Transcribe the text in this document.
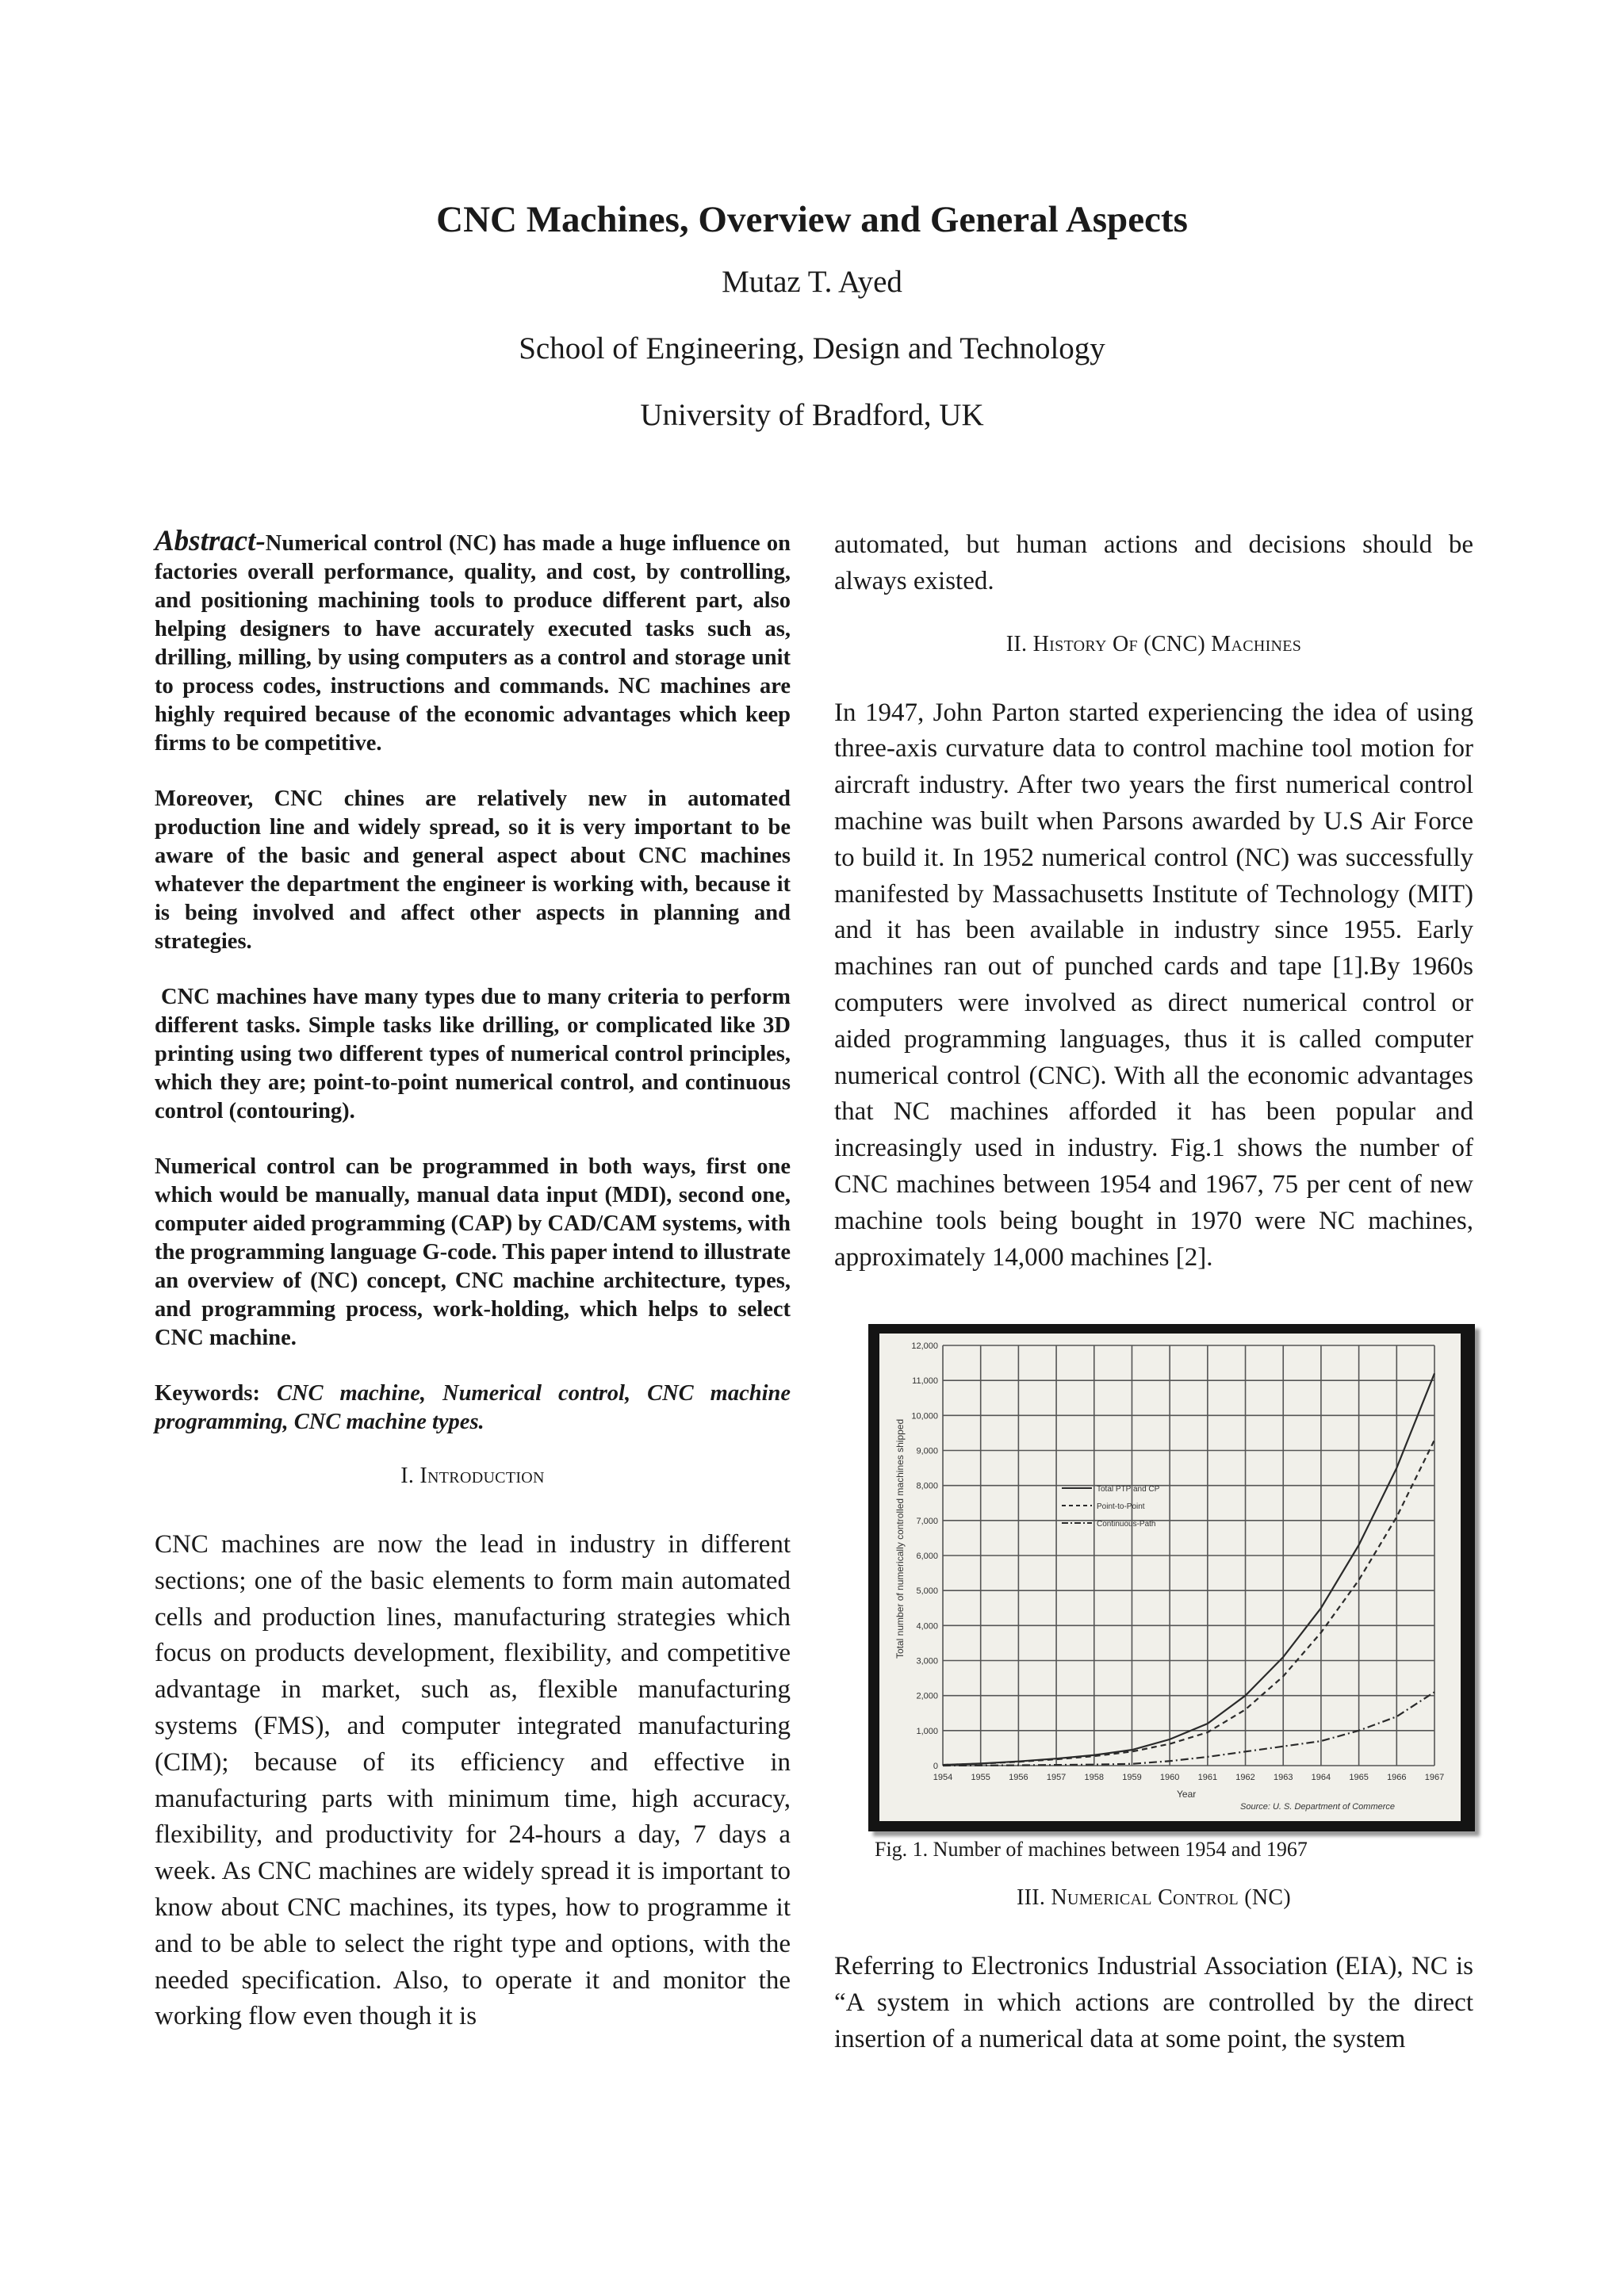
CNC Machines, Overview and General Aspects
Mutaz T. Ayed
School of Engineering, Design and Technology
University of Bradford, UK

Abstract-Numerical control (NC) has made a huge influence on factories overall performance, quality, and cost, by controlling, and positioning machining tools to produce different part, also helping designers to have accurately executed tasks such as, drilling, milling, by using computers as a control and storage unit to process codes, instructions and commands. NC machines are highly required because of the economic advantages which keep firms to be competitive.

Moreover, CNC chines are relatively new in automated production line and widely spread, so it is very important to be aware of the basic and general aspect about CNC machines whatever the department the engineer is working with, because it is being involved and affect other aspects in planning and strategies.

CNC machines have many types due to many criteria to perform different tasks. Simple tasks like drilling, or complicated like 3D printing using two different types of numerical control principles, which they are; point-to-point numerical control, and continuous control (contouring).

Numerical control can be programmed in both ways, first one which would be manually, manual data input (MDI), second one, computer aided programming (CAP) by CAD/CAM systems, with the programming language G-code. This paper intend to illustrate an overview of (NC) concept, CNC machine architecture, types, and programming process, work-holding, which helps to select CNC machine.

Keywords: CNC machine, Numerical control, CNC machine programming, CNC machine types.
I. Introduction

CNC machines are now the lead in industry in different sections; one of the basic elements to form main automated cells and production lines, manufacturing strategies which focus on products development, flexibility, and competitive advantage in market, such as, flexible manufacturing systems (FMS), and computer integrated manufacturing (CIM); because of its efficiency and effective in manufacturing parts with minimum time, high accuracy, flexibility, and productivity for 24-hours a day, 7 days a week. As CNC machines are widely spread it is important to know about CNC machines, its types, how to programme it and to be able to select the right type and options, with the needed specification. Also, to operate it and monitor the working flow even though it is

automated, but human actions and decisions should be always existed.

II. History Of (CNC) Machines

In 1947, John Parton started experiencing the idea of using three-axis curvature data to control machine tool motion for aircraft industry. After two years the first numerical control machine was built when Parsons awarded by U.S Air Force to build it. In 1952 numerical control (NC) was successfully manifested by Massachusetts Institute of Technology (MIT) and it has been available in industry since 1955. Early machines ran out of punched cards and tape [1].By 1960s computers were involved as direct numerical control or aided programming languages, thus it is called computer numerical control (CNC). With all the economic advantages that NC machines afforded it has been popular and increasingly used in industry. Fig.1 shows the number of CNC machines between 1954 and 1967, 75 per cent of new machine tools being bought in 1970 were NC machines, approximately 14,000 machines [2].

0
1,000
2,000
3,000
4,000
5,000
6,000
7,000
8,000
9,000
10,000
11,000
12,000
1954 1955 1956 1957 1958 1959 1960 1961 1962 1963 1964 1965 1966 1967
Total PTP and CP
Point-to-Point
Continuous-Path
Total number of numerically controlled machines shipped
Year
Source: U. S. Department of Commerce
Fig. 1. Number of machines between 1954 and 1967
III. Numerical Control (NC)

Referring to Electronics Industrial Association (EIA), NC is “A system in which actions are controlled by the direct insertion of a numerical data at some point, the system
